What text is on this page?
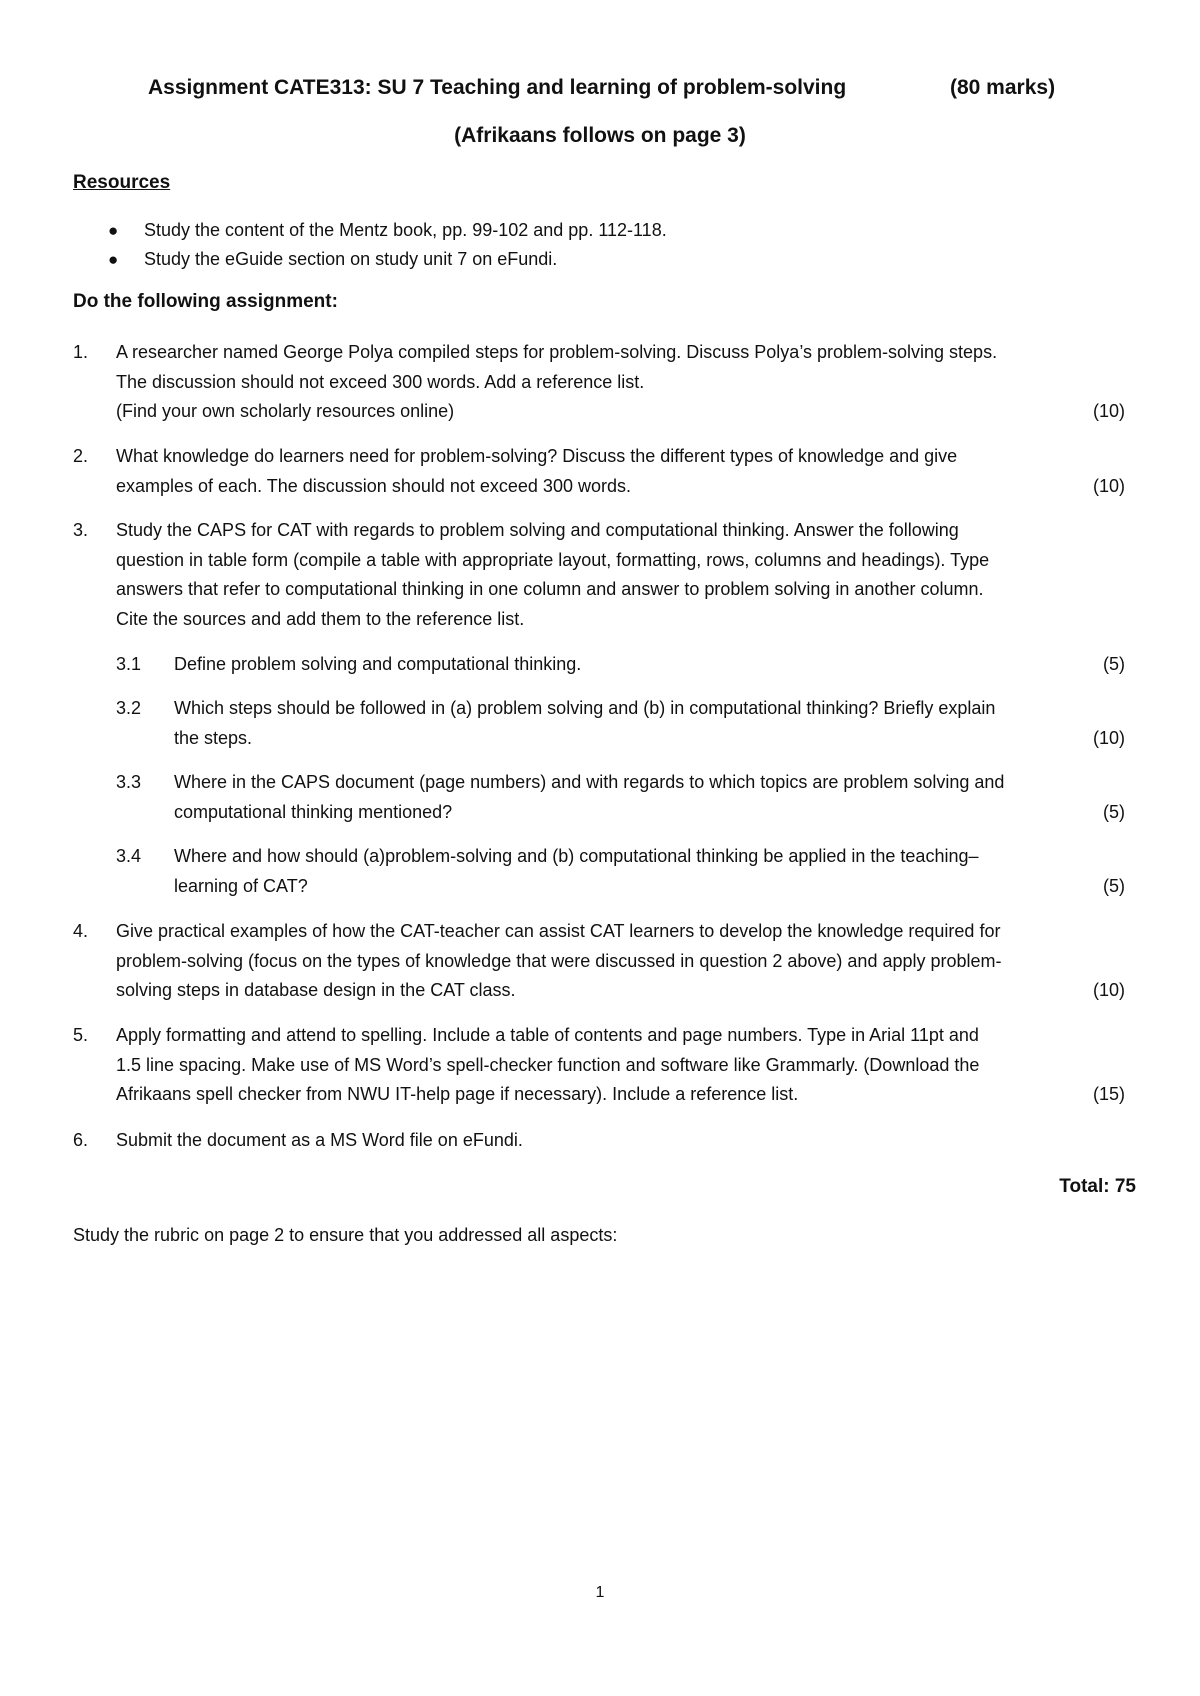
Assignment CATE313: SU 7 Teaching and learning of problem-solving	(80 marks)
(Afrikaans follows on page 3)
Resources
● Study the content of the Mentz book, pp. 99-102 and pp. 112-118.
● Study the eGuide section on study unit 7 on eFundi.
Do the following assignment:
1. A researcher named George Polya compiled steps for problem-solving. Discuss Polya’s problem-solving steps.
The discussion should not exceed 300 words. Add a reference list.
(Find your own scholarly resources online)	(10)
2. What knowledge do learners need for problem-solving? Discuss the different types of knowledge and give
examples of each. The discussion should not exceed 300 words.	(10)
3. Study the CAPS for CAT with regards to problem solving and computational thinking. Answer the following
question in table form (compile a table with appropriate layout, formatting, rows, columns and headings). Type
answers that refer to computational thinking in one column and answer to problem solving in another column.
Cite the sources and add them to the reference list.
3.1 Define problem solving and computational thinking.	(5)
3.2 Which steps should be followed in (a) problem solving and (b) in computational thinking? Briefly explain
the steps.	(10)
3.3 Where in the CAPS document (page numbers) and with regards to which topics are problem solving and
computational thinking mentioned?	(5)
3.4 Where and how should (a)problem-solving and (b) computational thinking be applied in the teaching–
learning of CAT?	(5)
4. Give practical examples of how the CAT-teacher can assist CAT learners to develop the knowledge required for
problem-solving (focus on the types of knowledge that were discussed in question 2 above) and apply problem-
solving steps in database design in the CAT class.	(10)
5. Apply formatting and attend to spelling. Include a table of contents and page numbers. Type in Arial 11pt and
1.5 line spacing. Make use of MS Word’s spell-checker function and software like Grammarly. (Download the
Afrikaans spell checker from NWU IT-help page if necessary). Include a reference list.	(15)
6. Submit the document as a MS Word file on eFundi.
Total: 75
Study the rubric on page 2 to ensure that you addressed all aspects:
1
